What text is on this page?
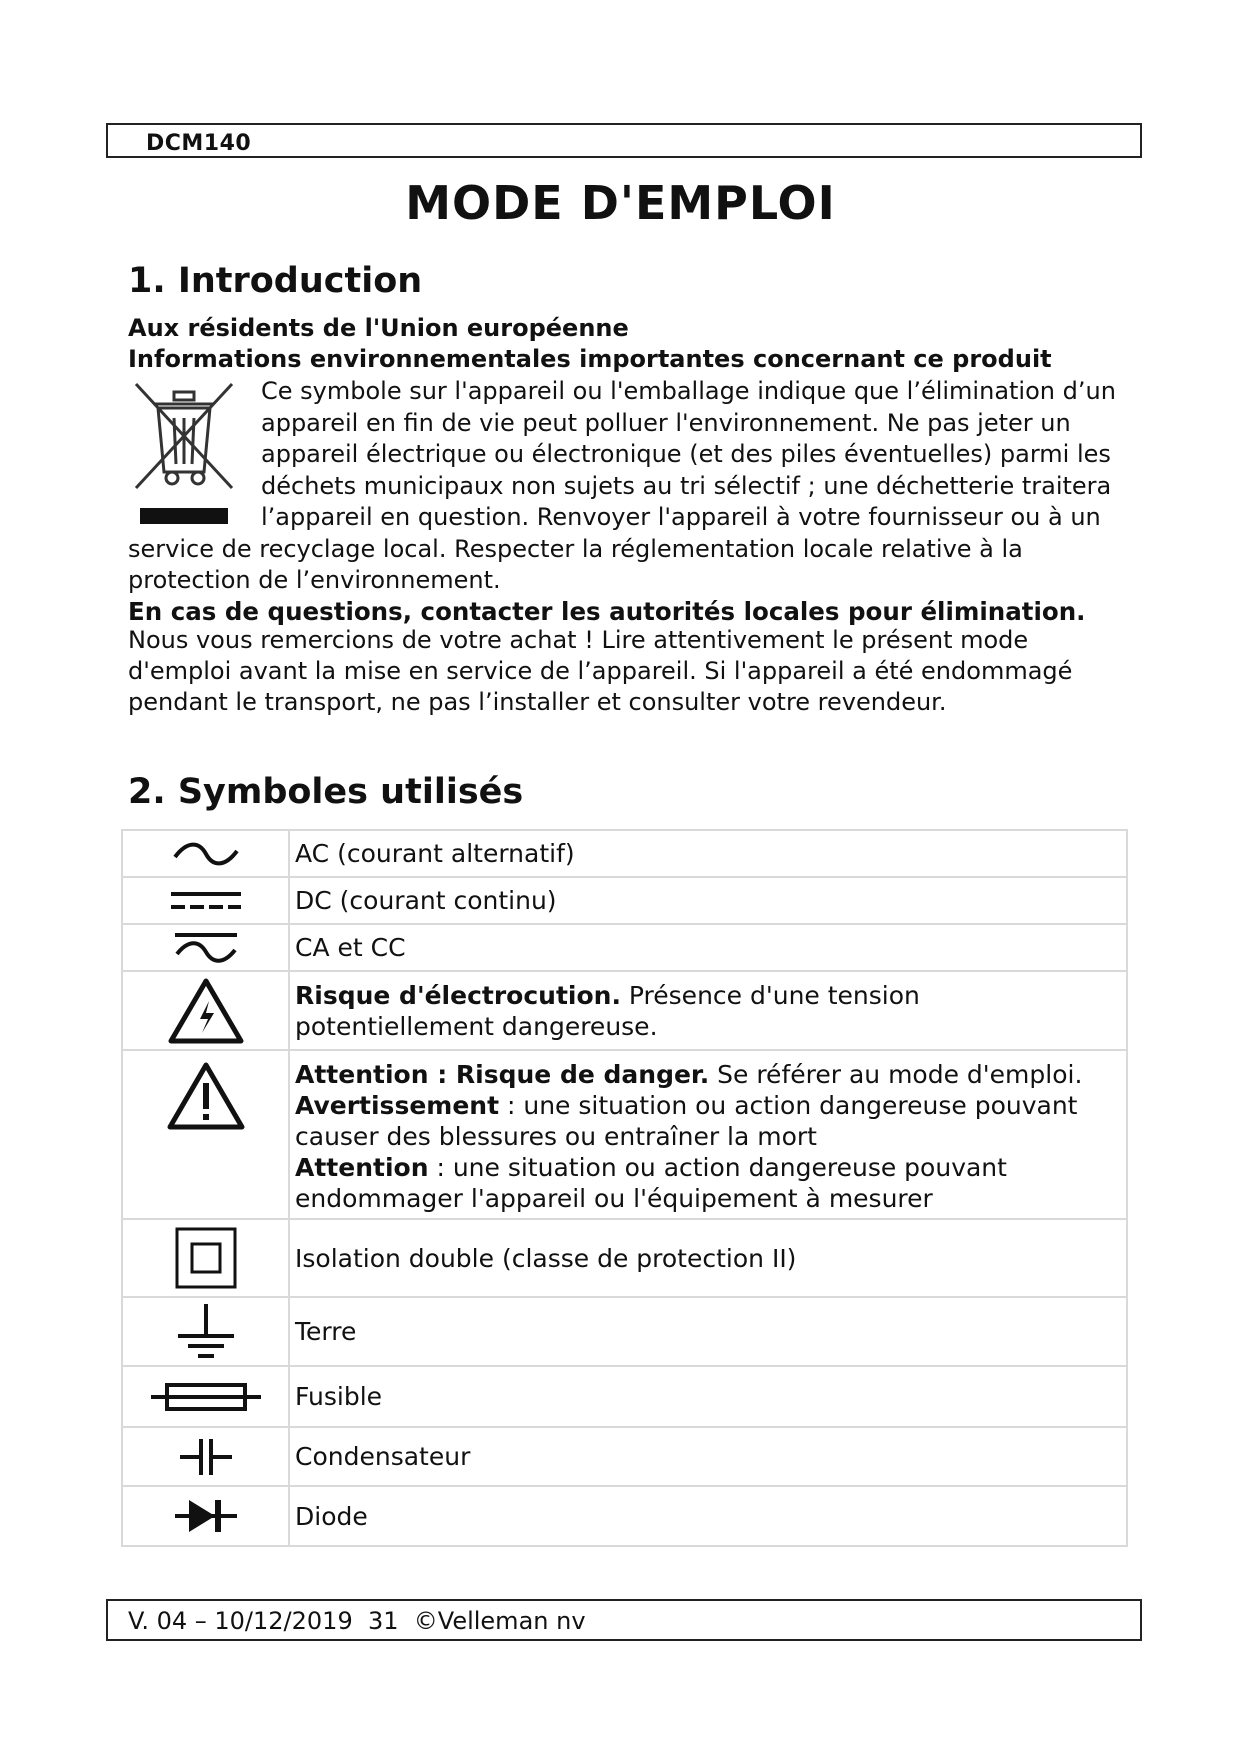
DCM140
MODE D'EMPLOI
1. Introduction

Aux résidents de l'Union européenne

Informations environnementales importantes concernant ce produit

Ce symbole sur l'appareil ou l'emballage indique que l’élimination d’un appareil en fin de vie peut polluer l'environnement. Ne pas jeter un appareil électrique ou électronique (et des piles éventuelles) parmi les déchets municipaux non sujets au tri sélectif ; une déchetterie traitera l’appareil en question. Renvoyer l'appareil à votre fournisseur ou à un service de recyclage local. Respecter la réglementation locale relative à la protection de l’environnement.

En cas de questions, contacter les autorités locales pour élimination.

Nous vous remercions de votre achat ! Lire attentivement le présent mode d'emploi avant la mise en service de l’appareil. Si l'appareil a été endommagé pendant le transport, ne pas l’installer et consulter votre revendeur.

2. Symboles utilisés
	AC (courant alternatif)

	DC (courant continu)

	CA et CC

	Risque d'électrocution. Présence d'une tension potentiellement dangereuse.

Attention : Risque de danger. Se référer au mode d'emploi.
Avertissement : une situation ou action dangereuse pouvant causer des blessures ou entraîner la mort
Attention : une situation ou action dangereuse pouvant endommager l'appareil ou l'équipement à mesurer

	Isolation double (classe de protection II)

	Terre

	Fusible

	Condensateur

	Diode
V. 04 – 10/12/2019  31  ©Velleman nv
